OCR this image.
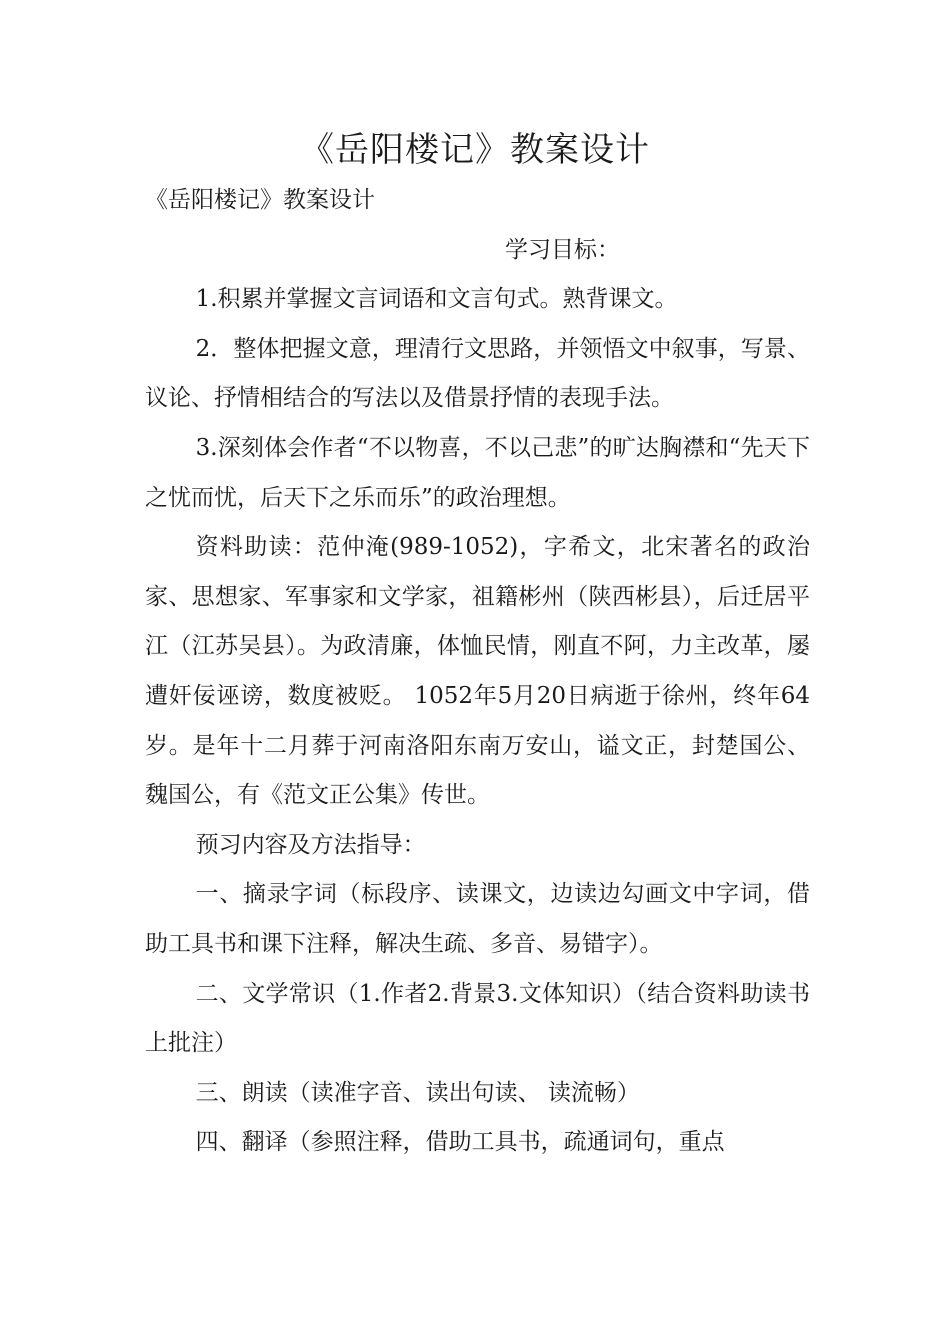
《岳阳楼记》教案设计

《岳阳楼记》教案设计

学习目标：

1.积累并掌握文言词语和文言句式。熟背课文。

2．整体把握文意，理清行文思路，并领悟文中叙事，写景、议论、抒情相结合的写法以及借景抒情的表现手法。

3.深刻体会作者“不以物喜，不以己悲”的旷达胸襟和“先天下之忧而忧，后天下之乐而乐”的政治理想。

资料助读：范仲淹(989-1052)，字希文，北宋著名的政治家、思想家、军事家和文学家，祖籍彬州（陕西彬县），后迁居平江（江苏吴县）。为政清廉，体恤民情，刚直不阿，力主改革，屡遭奸佞诬谤，数度被贬。 1052年5月20日病逝于徐州，终年64岁。是年十二月葬于河南洛阳东南万安山，谥文正，封楚国公、魏国公，有《范文正公集》传世。

预习内容及方法指导：

一、摘录字词（标段序、读课文，边读边勾画文中字词，借助工具书和课下注释，解决生疏、多音、易错字）。

二、文学常识（1.作者2.背景3.文体知识）（结合资料助读书上批注）

三、朗读（读准字音、读出句读、 读流畅）

四、翻译（参照注释，借助工具书，疏通词句，重点
